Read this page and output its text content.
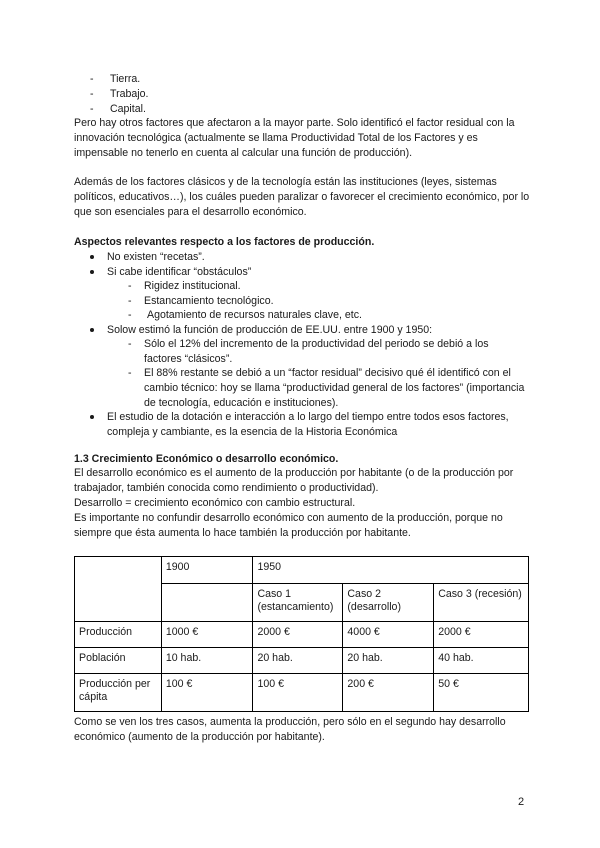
- Tierra.
- Trabajo.
- Capital.

Pero hay otros factores que afectaron a la mayor parte. Solo identificó el factor residual con la innovación tecnológica (actualmente se llama Productividad Total de los Factores y es impensable no tenerlo en cuenta al calcular una función de producción).

Además de los factores clásicos y de la tecnología están las instituciones (leyes, sistemas políticos, educativos…), los cuáles pueden paralizar o favorecer el crecimiento económico, por lo que son esenciales para el desarrollo económico.

Aspectos relevantes respecto a los factores de producción.
No existen “recetas”.
Si cabe identificar “obstáculos”
- Rigidez institucional.
- Estancamiento tecnológico.
- Agotamiento de recursos naturales clave, etc.
Solow estimó la función de producción de EE.UU. entre 1900 y 1950:
- Sólo el 12% del incremento de la productividad del periodo se debió a los factores “clásicos”.
- El 88% restante se debió a un “factor residual” decisivo qué él identificó con el cambio técnico: hoy se llama “productividad general de los factores” (importancia de tecnología, educación e instituciones).
El estudio de la dotación e interacción a lo largo del tiempo entre todos esos factores, compleja y cambiante, es la esencia de la Historia Económica
1.3 Crecimiento Económico o desarrollo económico.

El desarrollo económico es el aumento de la producción por habitante (o de la producción por trabajador, también conocida como rendimiento o productividad).

Desarrollo = crecimiento económico con cambio estructural.

Es importante no confundir desarrollo económico con aumento de la producción, porque no siempre que ésta aumenta lo hace también la producción por habitante.

	1900	1950		
		Caso 1 (estancamiento)	Caso 2 (desarrollo)	Caso 3 (recesión)
Producción	1000 €	2000 €	4000 €	2000 €
Población	10 hab.	20 hab.	20 hab.	40 hab.
Producción per cápita	100 €	100 €	200 €	50 €

Como se ven los tres casos, aumenta la producción, pero sólo en el segundo hay desarrollo económico (aumento de la producción por habitante).

2
